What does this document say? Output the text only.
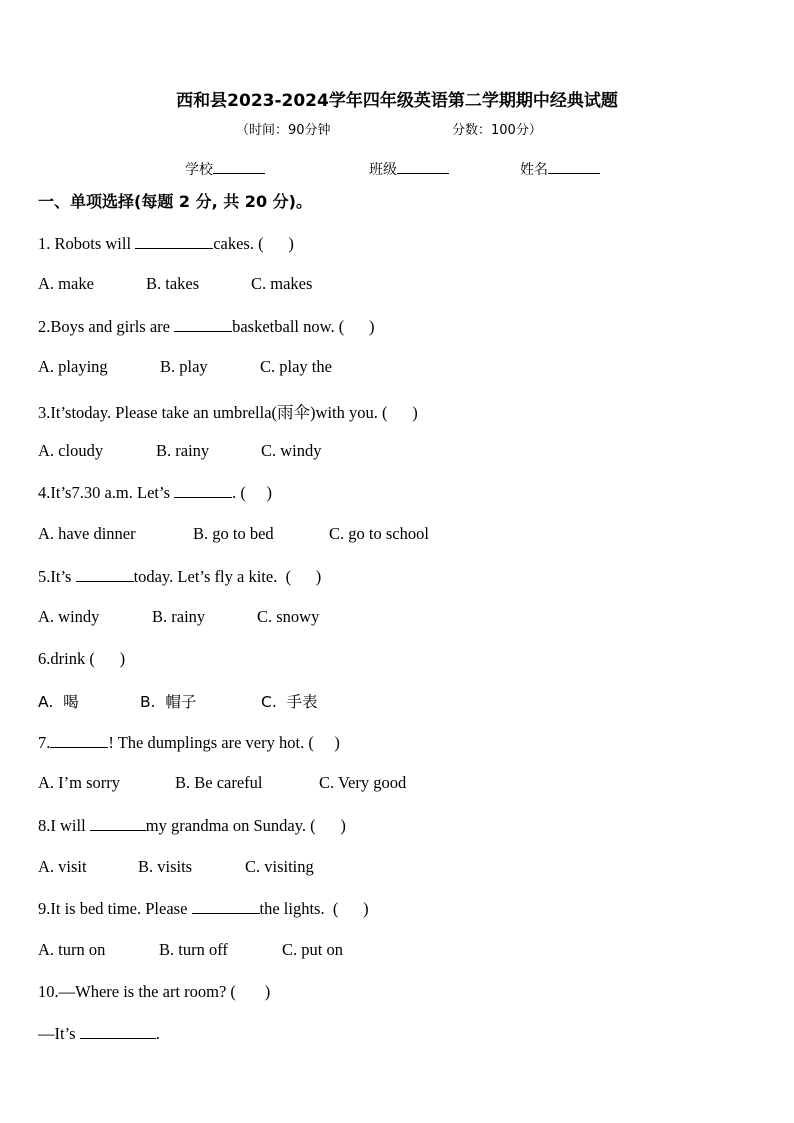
西和县2023-2024学年四年级英语第二学期期中经典试题
（时间：90分钟	分数：100分）
学校	班级	姓名
一、单项选择(每题 2 分, 共 20 分)。
1. Robots will	cakes. (      )
A. make	B. takes	C. makes
2.Boys and girls are	basketball now. (      )
A. playing	B. play	C. play the
3.It’stoday. Please take an umbrella(雨伞)with you. (      )
A. cloudy	B. rainy	C. windy
4.It’s7.30 a.m. Let’s	. (     )
A. have dinner	B. go to bed	C. go to school
5.It’s	today. Let’s fly a kite.  (      )
A. windy	B. rainy	C. snowy
6.drink (      )
A.  喝	B.  帽子	C.  手表
7.	! The dumplings are very hot. (     )
A. I’m sorry	B. Be careful	C. Very good
8.I will	my grandma on Sunday. (      )
A. visit	B. visits	C. visiting
9.It is bed time. Please	the lights.  (      )
A. turn on	B. turn off	C. put on
10.—Where is the art room? (       )
—It’s	.
